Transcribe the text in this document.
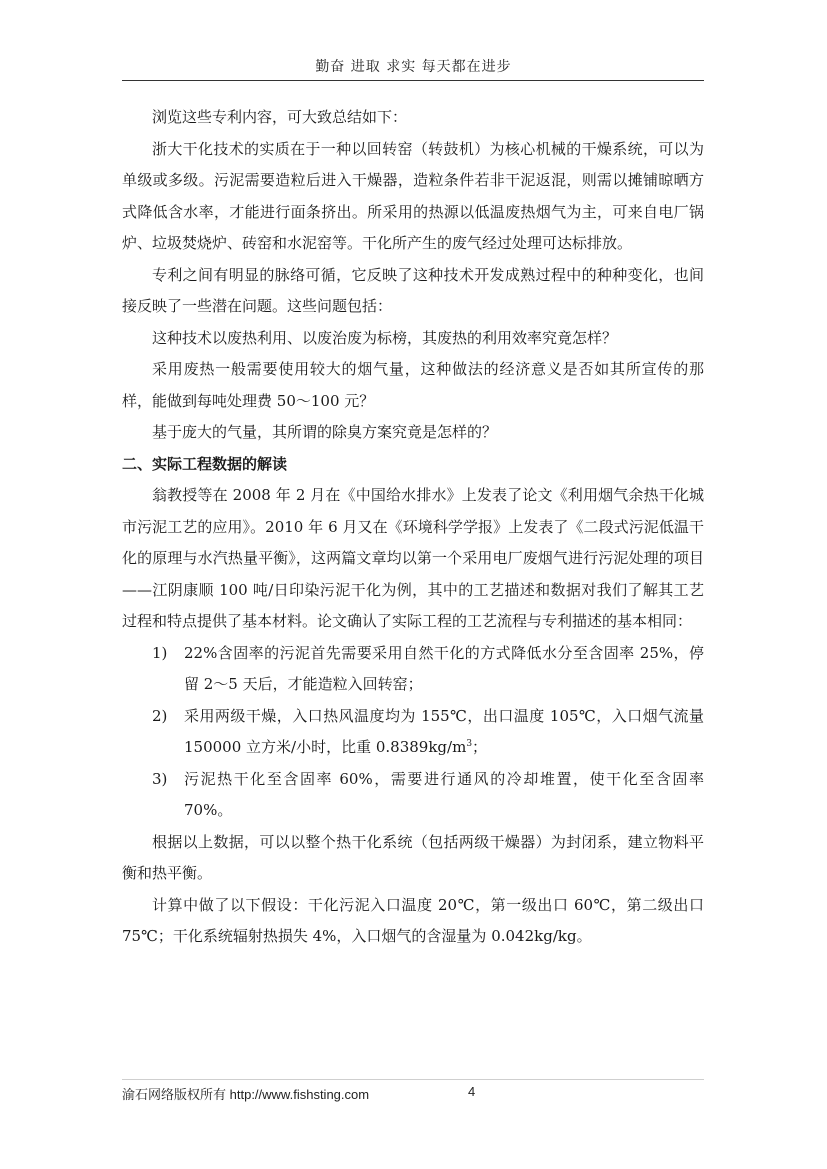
勤奋 进取 求实 每天都在进步

浏览这些专利内容，可大致总结如下：

浙大干化技术的实质在于一种以回转窑（转鼓机）为核心机械的干燥系统，可以为单级或多级。污泥需要造粒后进入干燥器，造粒条件若非干泥返混，则需以摊铺晾晒方式降低含水率，才能进行面条挤出。所采用的热源以低温废热烟气为主，可来自电厂锅炉、垃圾焚烧炉、砖窑和水泥窑等。干化所产生的废气经过处理可达标排放。

专利之间有明显的脉络可循，它反映了这种技术开发成熟过程中的种种变化，也间接反映了一些潜在问题。这些问题包括：

这种技术以废热利用、以废治废为标榜，其废热的利用效率究竟怎样？

采用废热一般需要使用较大的烟气量，这种做法的经济意义是否如其所宣传的那样，能做到每吨处理费 50～100 元？

基于庞大的气量，其所谓的除臭方案究竟是怎样的？

二、实际工程数据的解读

翁教授等在 2008 年 2 月在《中国给水排水》上发表了论文《利用烟气余热干化城市污泥工艺的应用》。2010 年 6 月又在《环境科学学报》上发表了《二段式污泥低温干化的原理与水汽热量平衡》，这两篇文章均以第一个采用电厂废烟气进行污泥处理的项目——江阴康顺 100 吨/日印染污泥干化为例，其中的工艺描述和数据对我们了解其工艺过程和特点提供了基本材料。论文确认了实际工程的工艺流程与专利描述的基本相同：

1) 22%含固率的污泥首先需要采用自然干化的方式降低水分至含固率 25%，停留 2～5 天后，才能造粒入回转窑；
2) 采用两级干燥，入口热风温度均为 155℃，出口温度 105℃，入口烟气流量 150000 立方米/小时，比重 $0.8389kg/m^3$；
3) 污泥热干化至含固率 60%，需要进行通风的冷却堆置，使干化至含固率 70%。

根据以上数据，可以以整个热干化系统（包括两级干燥器）为封闭系，建立物料平衡和热平衡。

计算中做了以下假设：干化污泥入口温度 20℃，第一级出口 60℃，第二级出口 75℃；干化系统辐射热损失 4%，入口烟气的含湿量为 0.042kg/kg。

渝石网络版权所有 http://www.fishsting.com	4
